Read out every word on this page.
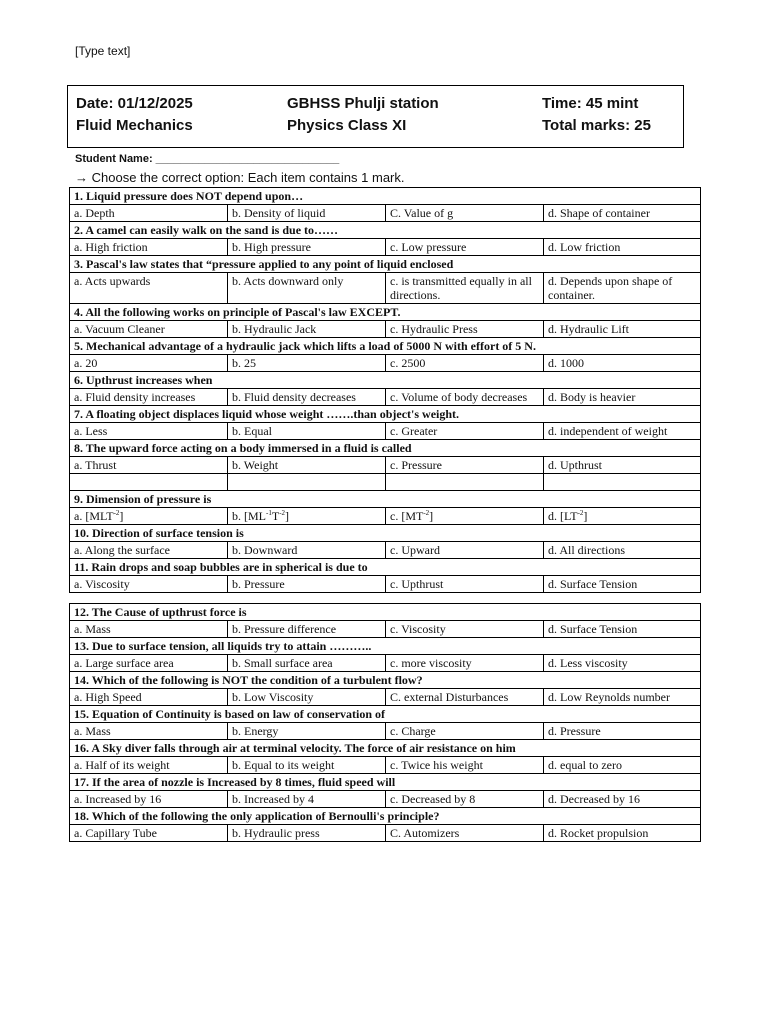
[Type text]
Date: 01/12/2025	GBHSS Phulji station	Time: 45 mint
Fluid Mechanics	Physics Class XI	Total marks: 25
Student Name: ______________________________
→ Choose the correct option: Each item contains 1 mark.
1. Liquid pressure does NOT depend upon…			
a. Depth	b. Density of liquid	C. Value of g	d. Shape of container
2. A camel can easily walk on the sand is due to……			
a. High friction	b. High pressure	c. Low pressure	d. Low friction
3. Pascal's law states that “pressure applied to any point of liquid enclosed			
a. Acts upwards	b. Acts downward only	c. is transmitted equally in all directions.	d. Depends upon shape of container.
4. All the following works on principle of Pascal's law EXCEPT.			
a. Vacuum Cleaner	b. Hydraulic Jack	c. Hydraulic Press	d. Hydraulic Lift
5. Mechanical advantage of a hydraulic jack which lifts a load of 5000 N with effort of 5 N.			
a. 20	b. 25	c. 2500	d. 1000
6. Upthrust increases when			
a. Fluid density increases	b. Fluid density decreases	c. Volume of body decreases	d. Body is heavier
7. A floating object displaces liquid whose weight …….than object's weight.			
a. Less	b. Equal	c. Greater	d. independent of weight
8. The upward force acting on a body immersed in a fluid is called			
a. Thrust	b. Weight	c. Pressure	d. Upthrust

9. Dimension of pressure is			
a. $[MLT^{-2}]$	b. $[ML^{-1}T^{-2}]$	c. $[MT^{-2}]$	d. $[LT^{-2}]$
10. Direction of surface tension is			
a. Along the surface	b. Downward	c. Upward	d. All directions
11. Rain drops and soap bubbles are in spherical is due to			
a. Viscosity	b. Pressure	c. Upthrust	d. Surface Tension
12. The Cause of upthrust force is			
a. Mass	b. Pressure difference	c. Viscosity	d. Surface Tension
13. Due to surface tension, all liquids try to attain ………..			
a. Large surface area	b. Small surface area	c. more viscosity	d. Less viscosity
14. Which of the following is NOT the condition of a turbulent flow?			
a. High Speed	b. Low Viscosity	C. external Disturbances	d. Low Reynolds number
15. Equation of Continuity is based on law of conservation of			
a. Mass	b. Energy	c. Charge	d. Pressure
16. A Sky diver falls through air at terminal velocity. The force of air resistance on him			
a. Half of its weight	b. Equal to its weight	c. Twice his weight	d. equal to zero
17. If the area of nozzle is Increased by 8 times, fluid speed will			
a. Increased by 16	b. Increased by 4	c. Decreased by 8	d. Decreased by 16
18. Which of the following the only application of Bernoulli's principle?			
a. Capillary Tube	b. Hydraulic press	C. Automizers	d. Rocket propulsion
